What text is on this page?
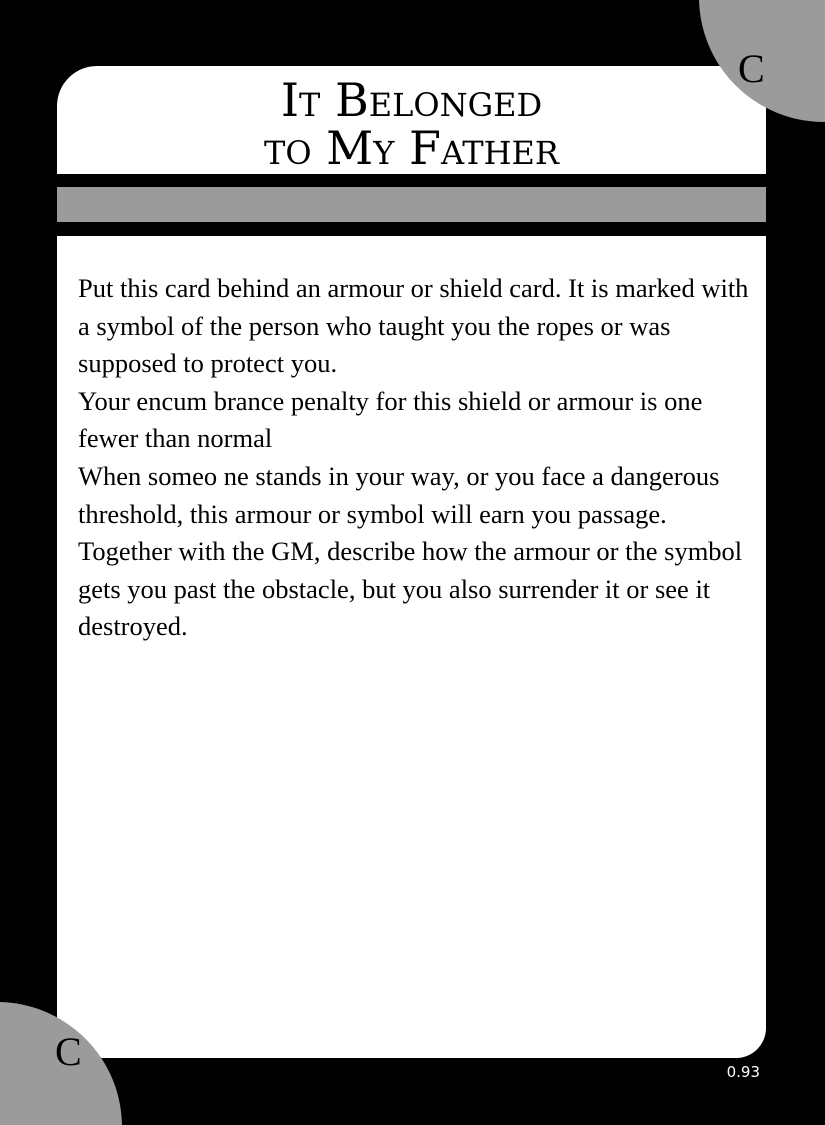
It Belonged
to My Father

Put this card behind an armour or shield card. It is marked with a symbol of the person who taught you the ropes or was supposed to protect you.

Your encum brance penalty for this shield or armour is one fewer than normal

When someo ne stands in your way, or you face a dangerous threshold, this armour or symbol will earn you passage. Together with the GM, describe how the armour or the symbol gets you past the obstacle, but you also surrender it or see it destroyed.

C
C	0.93
